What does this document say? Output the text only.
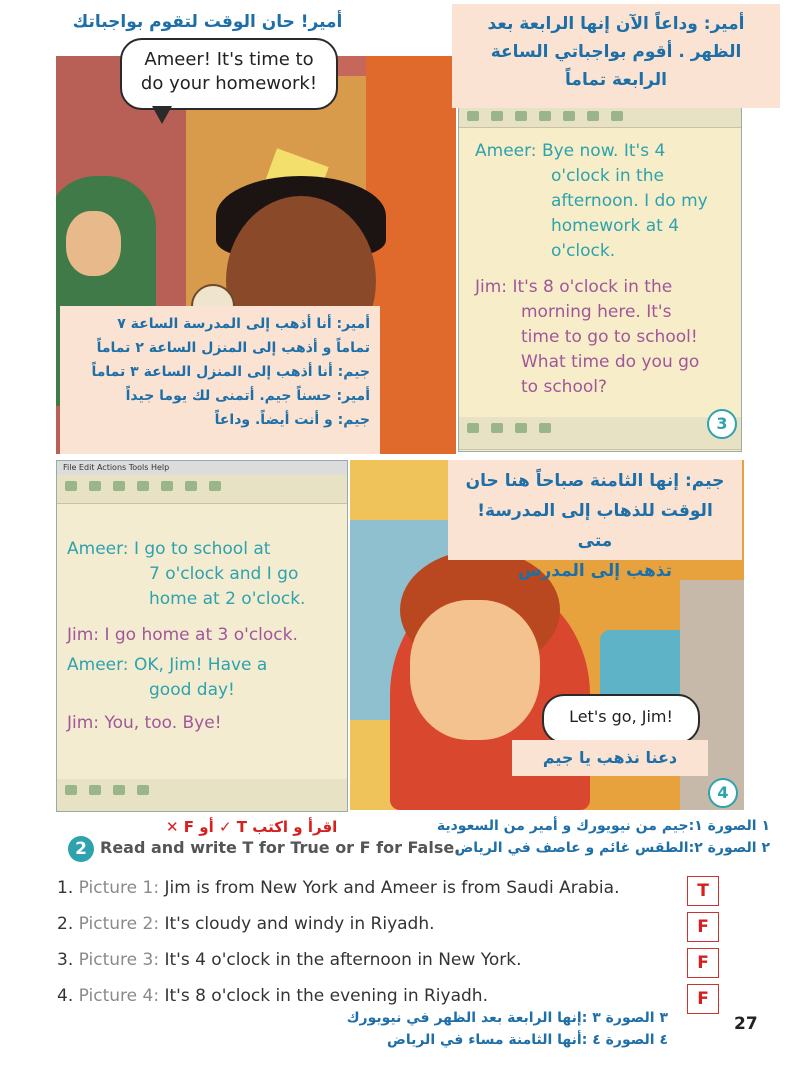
أمير! حان الوقت لتقوم بواجباتك
Ameer! It's time to
do your homework!
Ameer: Bye now. It's 4
o'clock in the
afternoon. I do my
homework at 4
o'clock.
Jim: It's 8 o'clock in the
morning here. It's
time to go to school!
What time do you go
to school?
3
أمير: وداعاً الآن إنها الرابعة بعد
الظهر . أقوم بواجباتي الساعة
الرابعة تماماً
أمير: أنا أذهب إلى المدرسة الساعة ٧
تماماً و أذهب إلى المنزل الساعة ٢ تماماً
جيم: أنا أذهب إلى المنزل الساعة ٣ تماماً
أمير: حسناً جيم. أتمنى لك يوما جيداً
جيم: و أنت أيضاً. وداعاً
File Edit Actions Tools Help
Ameer: I go to school at
7 o'clock and I go
home at 2 o'clock.
Jim: I go home at 3 o'clock.
Ameer: OK, Jim! Have a
good day!
Jim: You, too. Bye!
4
جيم: إنها الثامنة صباحاً هنا حان
الوقت للذهاب إلى المدرسة! متى
تذهب إلى المدرس
Let's go, Jim!
دعنا نذهب يا جيم
اقرأ و اكتب T ✓ أو F ✕	١ الصورة ١:جيم من نيويورك و أمير من السعودية
٢ الصورة ٢:الطقس غائم و عاصف في الرياض
2 Read and write T for True or F for False.
1. Picture 1: Jim is from New York and Ameer is from Saudi Arabia.	T
2. Picture 2: It's cloudy and windy in Riyadh.	F
3. Picture 3: It's 4 o'clock in the afternoon in New York.	F
4. Picture 4: It's 8 o'clock in the evening in Riyadh.	F
٣ الصورة ٣ :إنها الرابعة بعد الظهر في نيويورك
٤ الصورة ٤ :أنها الثامنة مساء في الرياض
27
